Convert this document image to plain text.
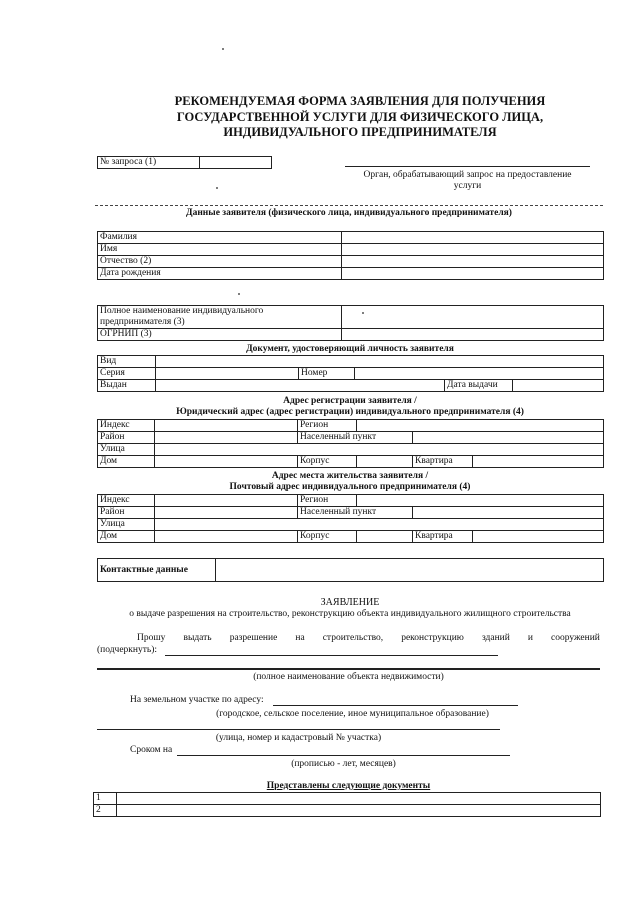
РЕКОМЕНДУЕМАЯ ФОРМА ЗАЯВЛЕНИЯ ДЛЯ ПОЛУЧЕНИЯ
ГОСУДАРСТВЕННОЙ УСЛУГИ ДЛЯ ФИЗИЧЕСКОГО ЛИЦА,
ИНДИВИДУАЛЬНОГО ПРЕДПРИНИМАТЕЛЯ
№ запроса (1)	
Орган, обрабатывающий запрос на предоставление
услуги
Данные заявителя (физического лица, индивидуального предпринимателя)
Фамилия	
Имя	
Отчество (2)	
Дата рождения	
Полное наименование индивидуального
предпринимателя (3)	

ОГРНИП (3)	
Документ, удостоверяющий личность заявителя
Вид					
Серия		Номер			
Выдан				Дата выдачи	
Адрес регистрации заявителя /
Юридический адрес (адрес регистрации) индивидуального предпринимателя (4)
Индекс		Регион			
Район		Населенный пункт			
Улица					
Дом		Корпус		Квартира	
Адрес места жительства заявителя /
Почтовый адрес индивидуального предпринимателя (4)
Индекс		Регион			
Район		Населенный пункт			
Улица					
Дом		Корпус		Квартира	
Контактные данные	
ЗАЯВЛЕНИЕ
о выдаче разрешения на строительство, реконструкцию объекта индивидуального жилищного строительства
Прошу выдать разрешение на строительство, реконструкцию зданий и сооружений
(подчеркнуть):
(полное наименование объекта недвижимости)
На земельном участке по адресу:
(городское, сельское поселение, иное муниципальное образование)
(улица, номер и кадастровый № участка)
Сроком на
(прописью - лет, месяцев)
Представлены следующие документы
1	
2	
